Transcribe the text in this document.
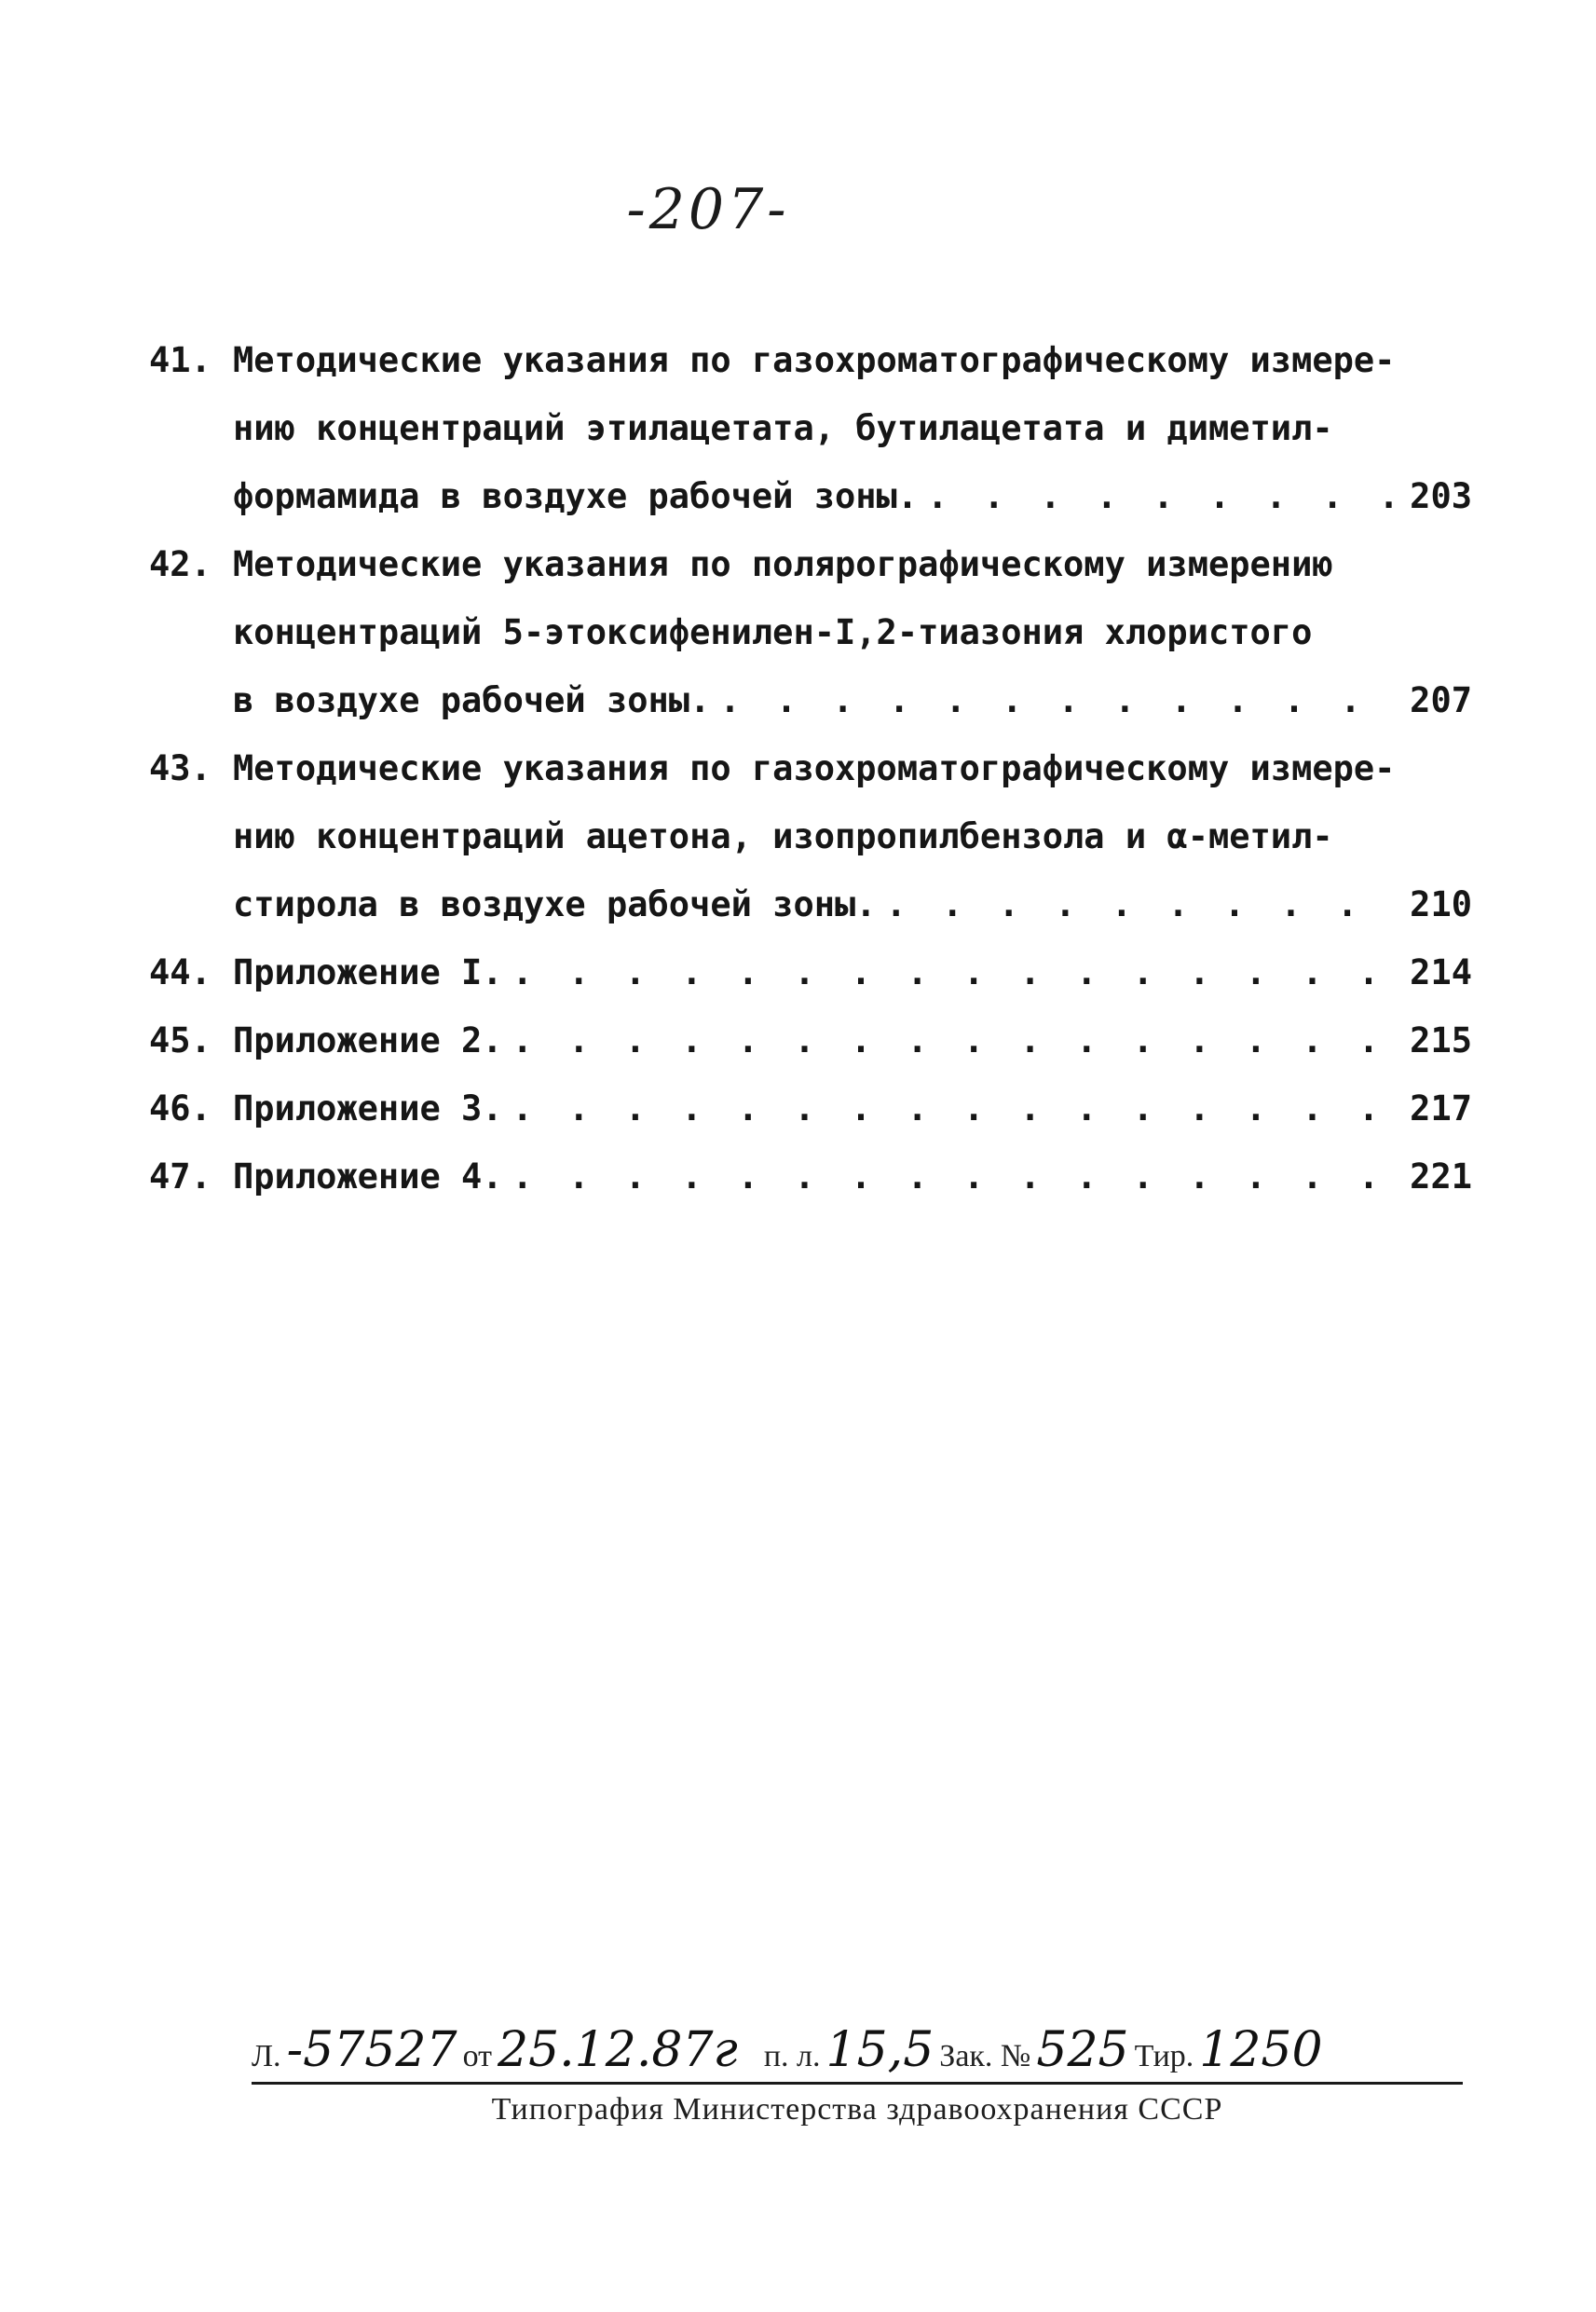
-207-
41. Методические указания по газохроматографическому измере-
нию концентраций этилацетата, бутилацетата и диметил-
формамида в воздухе рабочей зоны. . . .	203
42. Методические указания по полярографическому измерению
концентраций 5-этоксифенилен-I,2-тиазония хлористого
в воздухе рабочей зоны. . . .	207
43. Методические указания по газохроматографическому измере-
нию концентраций ацетона, изопропилбензола и α-метил-
стирола в воздухе рабочей зоны. . . .	210
44. Приложение I. . . .	214
45. Приложение 2. . . .	215
46. Приложение 3. . . .	217
47. Приложение 4. . . .	221
Л. -57527 от 25.12.87г п. л. 15,5 Зак. № 525 Тир. 1250
Типография Министерства здравоохранения СССР
